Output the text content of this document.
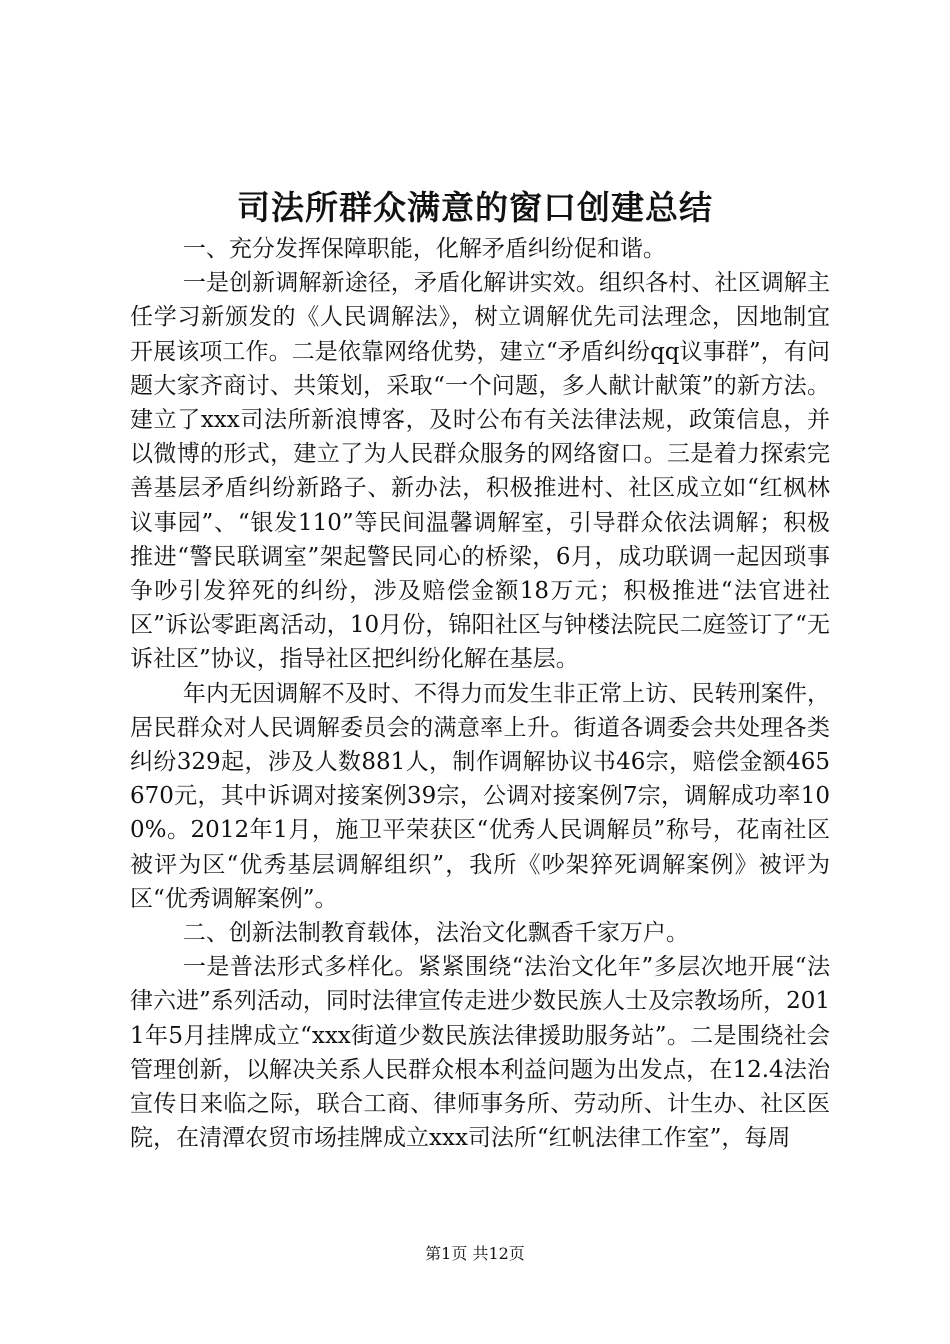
司法所群众满意的窗口创建总结

一、充分发挥保障职能，化解矛盾纠纷促和谐。

一是创新调解新途径，矛盾化解讲实效。组织各村、社区调解主任学习新颁发的《人民调解法》，树立调解优先司法理念，因地制宜开展该项工作。二是依靠网络优势，建立“矛盾纠纷qq议事群”，有问题大家齐商讨、共策划，采取“一个问题，多人献计献策”的新方法。建立了xxx司法所新浪博客，及时公布有关法律法规，政策信息，并以微博的形式，建立了为人民群众服务的网络窗口。三是着力探索完善基层矛盾纠纷新路子、新办法，积极推进村、社区成立如“红枫林议事园”、“银发110”等民间温馨调解室，引导群众依法调解；积极推进“警民联调室”架起警民同心的桥梁，6月，成功联调一起因琐事争吵引发猝死的纠纷，涉及赔偿金额18万元；积极推进“法官进社区”诉讼零距离活动，10月份，锦阳社区与钟楼法院民二庭签订了“无诉社区”协议，指导社区把纠纷化解在基层。

年内无因调解不及时、不得力而发生非正常上访、民转刑案件，居民群众对人民调解委员会的满意率上升。街道各调委会共处理各类纠纷329起，涉及人数881人，制作调解协议书46宗，赔偿金额465670元，其中诉调对接案例39宗，公调对接案例7宗，调解成功率100%。2012年1月，施卫平荣获区“优秀人民调解员”称号，花南社区被评为区“优秀基层调解组织”，我所《吵架猝死调解案例》被评为区“优秀调解案例”。

二、创新法制教育载体，法治文化飘香千家万户。

一是普法形式多样化。紧紧围绕“法治文化年”多层次地开展“法律六进”系列活动，同时法律宣传走进少数民族人士及宗教场所，2011年5月挂牌成立“xxx街道少数民族法律援助服务站”。二是围绕社会管理创新，以解决关系人民群众根本利益问题为出发点，在12.4法治宣传日来临之际，联合工商、律师事务所、劳动所、计生办、社区医院，在清潭农贸市场挂牌成立xxx司法所“红帆法律工作室”，每周

第1页 共12页
